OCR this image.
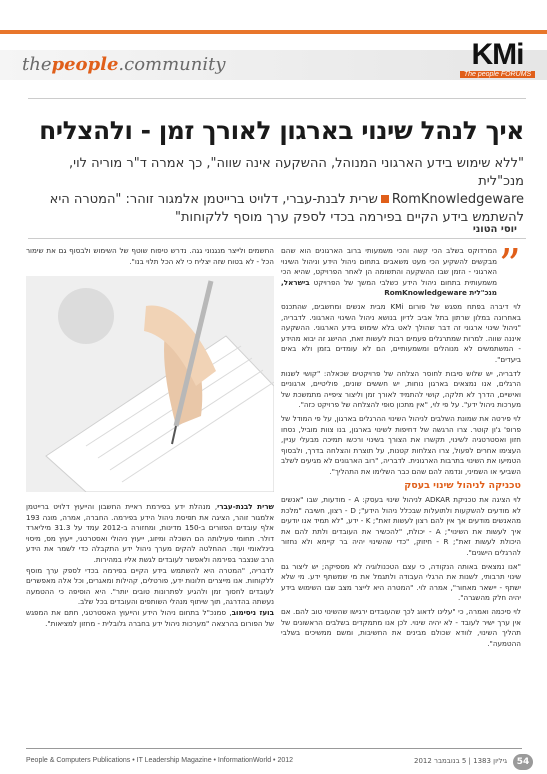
thepeople.community	KMi
The people FORUMS
איך לנהל שינוי בארגון לאורך זמן - ולהצליח
"ללא שימוש בידע הארגוני המנוהל, ההשקעה אינה שווה", כך אמרה ד"ר מוריה לוי, מנכ"לית
RomKnowledgewareשרית לבנת-עברי, דלויט ברייטמן אלמגור זוהר: "המטרה היא
להשתמש בידע הקיים בפירמה בכדי לספק ערך מוסף ללקוחות"
יוסי הטוני
”

המרדוקס בשלב הכי קשה והכי משמעותי ברוב הארגונים הוא שהם מבקשים להשקיע הכי מעט משאבים בתחום ניהול הידע וניהול השינוי הארגוני - הזמן שבו ההשקעה והתשומה הן לאחר הפרויקט, שהיא הכי משמעותית בתחום ניהול הידע כשלבי המשך של הפרויקט בישראל, מנכ"לית RomKnowledgeware

לוי דיברה בפתח מפגש של פורום KMi מבית אנשים ומחשבים, שהתכנס באחרונה במלון שרתון בתל אביב לדיון בנושא ניהול השינוי הארגוני. לדבריה, "ניהול שינוי ארגוני זה דבר שהולך לאט בלא שימוש בידע הארגוני. ההשקעה איננה שווה. למרות שמתרגלים פעמים רבות לעשות זאת, ההישג זה יבוא מהידע - המשתמשים לא מנוהלים ומשמעותיים, הם לא עומדים בזמן ולא באים ביעדים".

לדבריה, יש שלוש סיבות לחוסר הצלחה של פרויקטים שכאלה: "קושי לשנות הרגלים, אנו נמצאים בארגון נוחות, יש חששים שונים, פוליטיים, ארגוניים ואישיים, הדרך לא תלקה, קושי להתמיד לאורך זמן וליצור ציפייה מתמשכת של מערכות ניהול ידע". על פי לוי, "אין מתכון סופי להצלחה של פרויקט כזה".

לוי פירטה את שמונת השלבים לניהול השינוי ההרגלים בארגון, על פי המודל של פרופ' ג'ון קוטר. צרו הרגשה של דחיפות לשינוי בארגון, בנו צוות מוביל, נסחו חזון ואסטרטגיה לשינוי, תקשרו את הצורך בשינוי ורכשו תמיכה מבעלי עניין, העצימו אחרים לפעול, צרו הצלחות קטנות, על תוצרת והצלחה בדרך, ולבסוף הטמיעו את השינוי בתרבות הארגונית. לדבריה, "רוב הארגונים לא מגיעים לשלב השביעי או השמיני, ונדמה להם שהם כבר השלימו את התהליך".

טכניקה לניהול שינוי בעסק

לוי הציגה את טכניקת ADKAR לניהול שינוי בעסק: A - מודעות, שבו "אנשים לא מודעים להשקעות ולתועלות שבכלל ניהול הידע"; D - רצון, חשיבה "מלכת מהאנשים מודעים אך אין להם רצון לעשות זאת"; K - ידע, "לא תמיד אנו יודעים איך לעשות את השינוי"; A - יכולת, "להכשיר את העובדים ולתת להם את היכולת לעשות זאת"; R - חיזוק, "כדי שהשינוי יהיה בר קיימא ולא נחזור להרגלים הישנים".

"אנו נמצאים באותה הנקודה, כי עצם הטכנולוגיה לא מספיקה; יש ליצור גם שינוי תרבותי, לשנות את הרגלי העבודה ולתגמל את מי שמשתף ידע. מי שלא ישתף - יישאר מאחור", אמרה לוי. "המטרה היא לייצר מצב שבו השימוש בידע יהיה חלק מהשגרה".

לוי סיכמה ואמרה, כי "עלינו לדאוג לכך שהעובדים ירגישו שהשינוי טוב להם. אם אין ערך ישיר לעובד - לא יהיה שינוי. לכן אנו מתמקדים בשלבים הראשונים של תהליך השינוי, לוודא שכולם מבינים את החשיבות, ומשם ממשיכים בשלבי ההטמעה".

החשמים ולייצר מנגנוני גגה. נדרש טיפוח שוטף של השימוש ולבסוף גם את שימור הכל - לא בטוח שזה יצליח כי לא הכל תלוי בנו".

שרית לבנת-עברי, מנהלת ידע בפירמת ראיית החשבון והייעוץ דלויט ברייטמן אלמגור זוהר, הציגה את תפיסת ניהול הידע בפירמה. החברה, אמרה, מונה 193 אלף עובדים הפזורים ב-150 מדינות, ומחזורה ב-2012 עמד על 31.3 מיליארד דולר. תחומי פעילותה הם השכלה ומיזוג, ייעוץ ניהולי ואסטרטגי, ייעוץ מס, מיסוי בינלאומי ועוד. ההחלטה להקים מערך ניהול ידע התקבלה כדי לשמר את הידע הרב שנצבר בפירמה ולאפשר לעובדים לגשת אליו במהירות.

לדבריה, "המטרה היא להשתמש בידע הקיים בפירמה בכדי לספק ערך מוסף ללקוחות. אנו מייצרים חלונות ידע, פורטלים, קהילות ומאגרים, וכל אלה מאפשרים לעובדים לחסוך זמן ולהגיע לפתרונות טובים יותר". היא הוסיפה כי ההטמעה נעשתה בהדרגה, תוך שיתוף מנהלי השותפים והעובדים בכל שלב.

בועז ניסימוב, סמנכ"ל בתחום ניהול הידע והייעוץ האסטרטגי, חתם את המפגש של הפורום בהרצאה "מערכות ניהול ידע בחברה גלובלית - מחזון למציאות".

People & Computers Publications • IT Leadership Magazine • InformationWorld • 2012	גיליון 1383 | 5 בנובמבר 2012	54
